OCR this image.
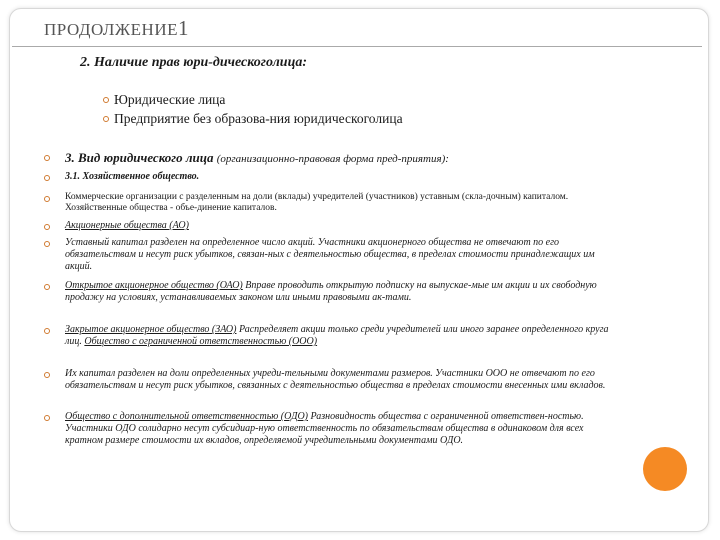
ПРОДОЛЖЕНИЕ1
2. Наличие прав юри-дическоголица:
Юридические лица
Предприятие без образова-ния юридическоголица
3. Вид юридического лица (организационно-правовая форма пред-приятия):
3.1. Хозяйственное общество.
Коммерческие организации с разделенным на доли (вклады) учредителей (участников) уставным (скла-дочным) капиталом. Хозяйственные общества - объе-динение капиталов.
Акционерные общества (АО)
Уставный капитал разделен на определенное число акций. Участники акционерного общества не отвечают по его обязательствам и несут риск убытков, связан-ных с деятельностью общества, в пределах стоимости принадлежащих им акций.
Открытое акционерное общество (ОАО) Вправе проводить открытую подписку на выпускае-мые им акции и их свободную продажу на условиях, устанавливаемых законом или иными правовыми ак-тами.
Закрытое акционерное общество (ЗАО) Распределяет акции только среди учредителей или иного заранее определенного круга лиц. Общество с ограниченной ответственностью (ООО)
Их капитал разделен на доли определенных учреди-тельными документами размеров. Участники ООО не отвечают по его обязательствам и несут риск убытков, связанных с деятельностью общества в пределах стоимости внесенных ими вкладов.
Общество с дополнительной ответственностью (ОДО) Разновидность общества с ограниченной ответствен-ностью. Участники ОДО солидарно несут субсидиар-ную ответственность по обязательствам общества в одинаковом для всех кратном размере стоимости их вкладов, определяемой учредительными документами ОДО.
